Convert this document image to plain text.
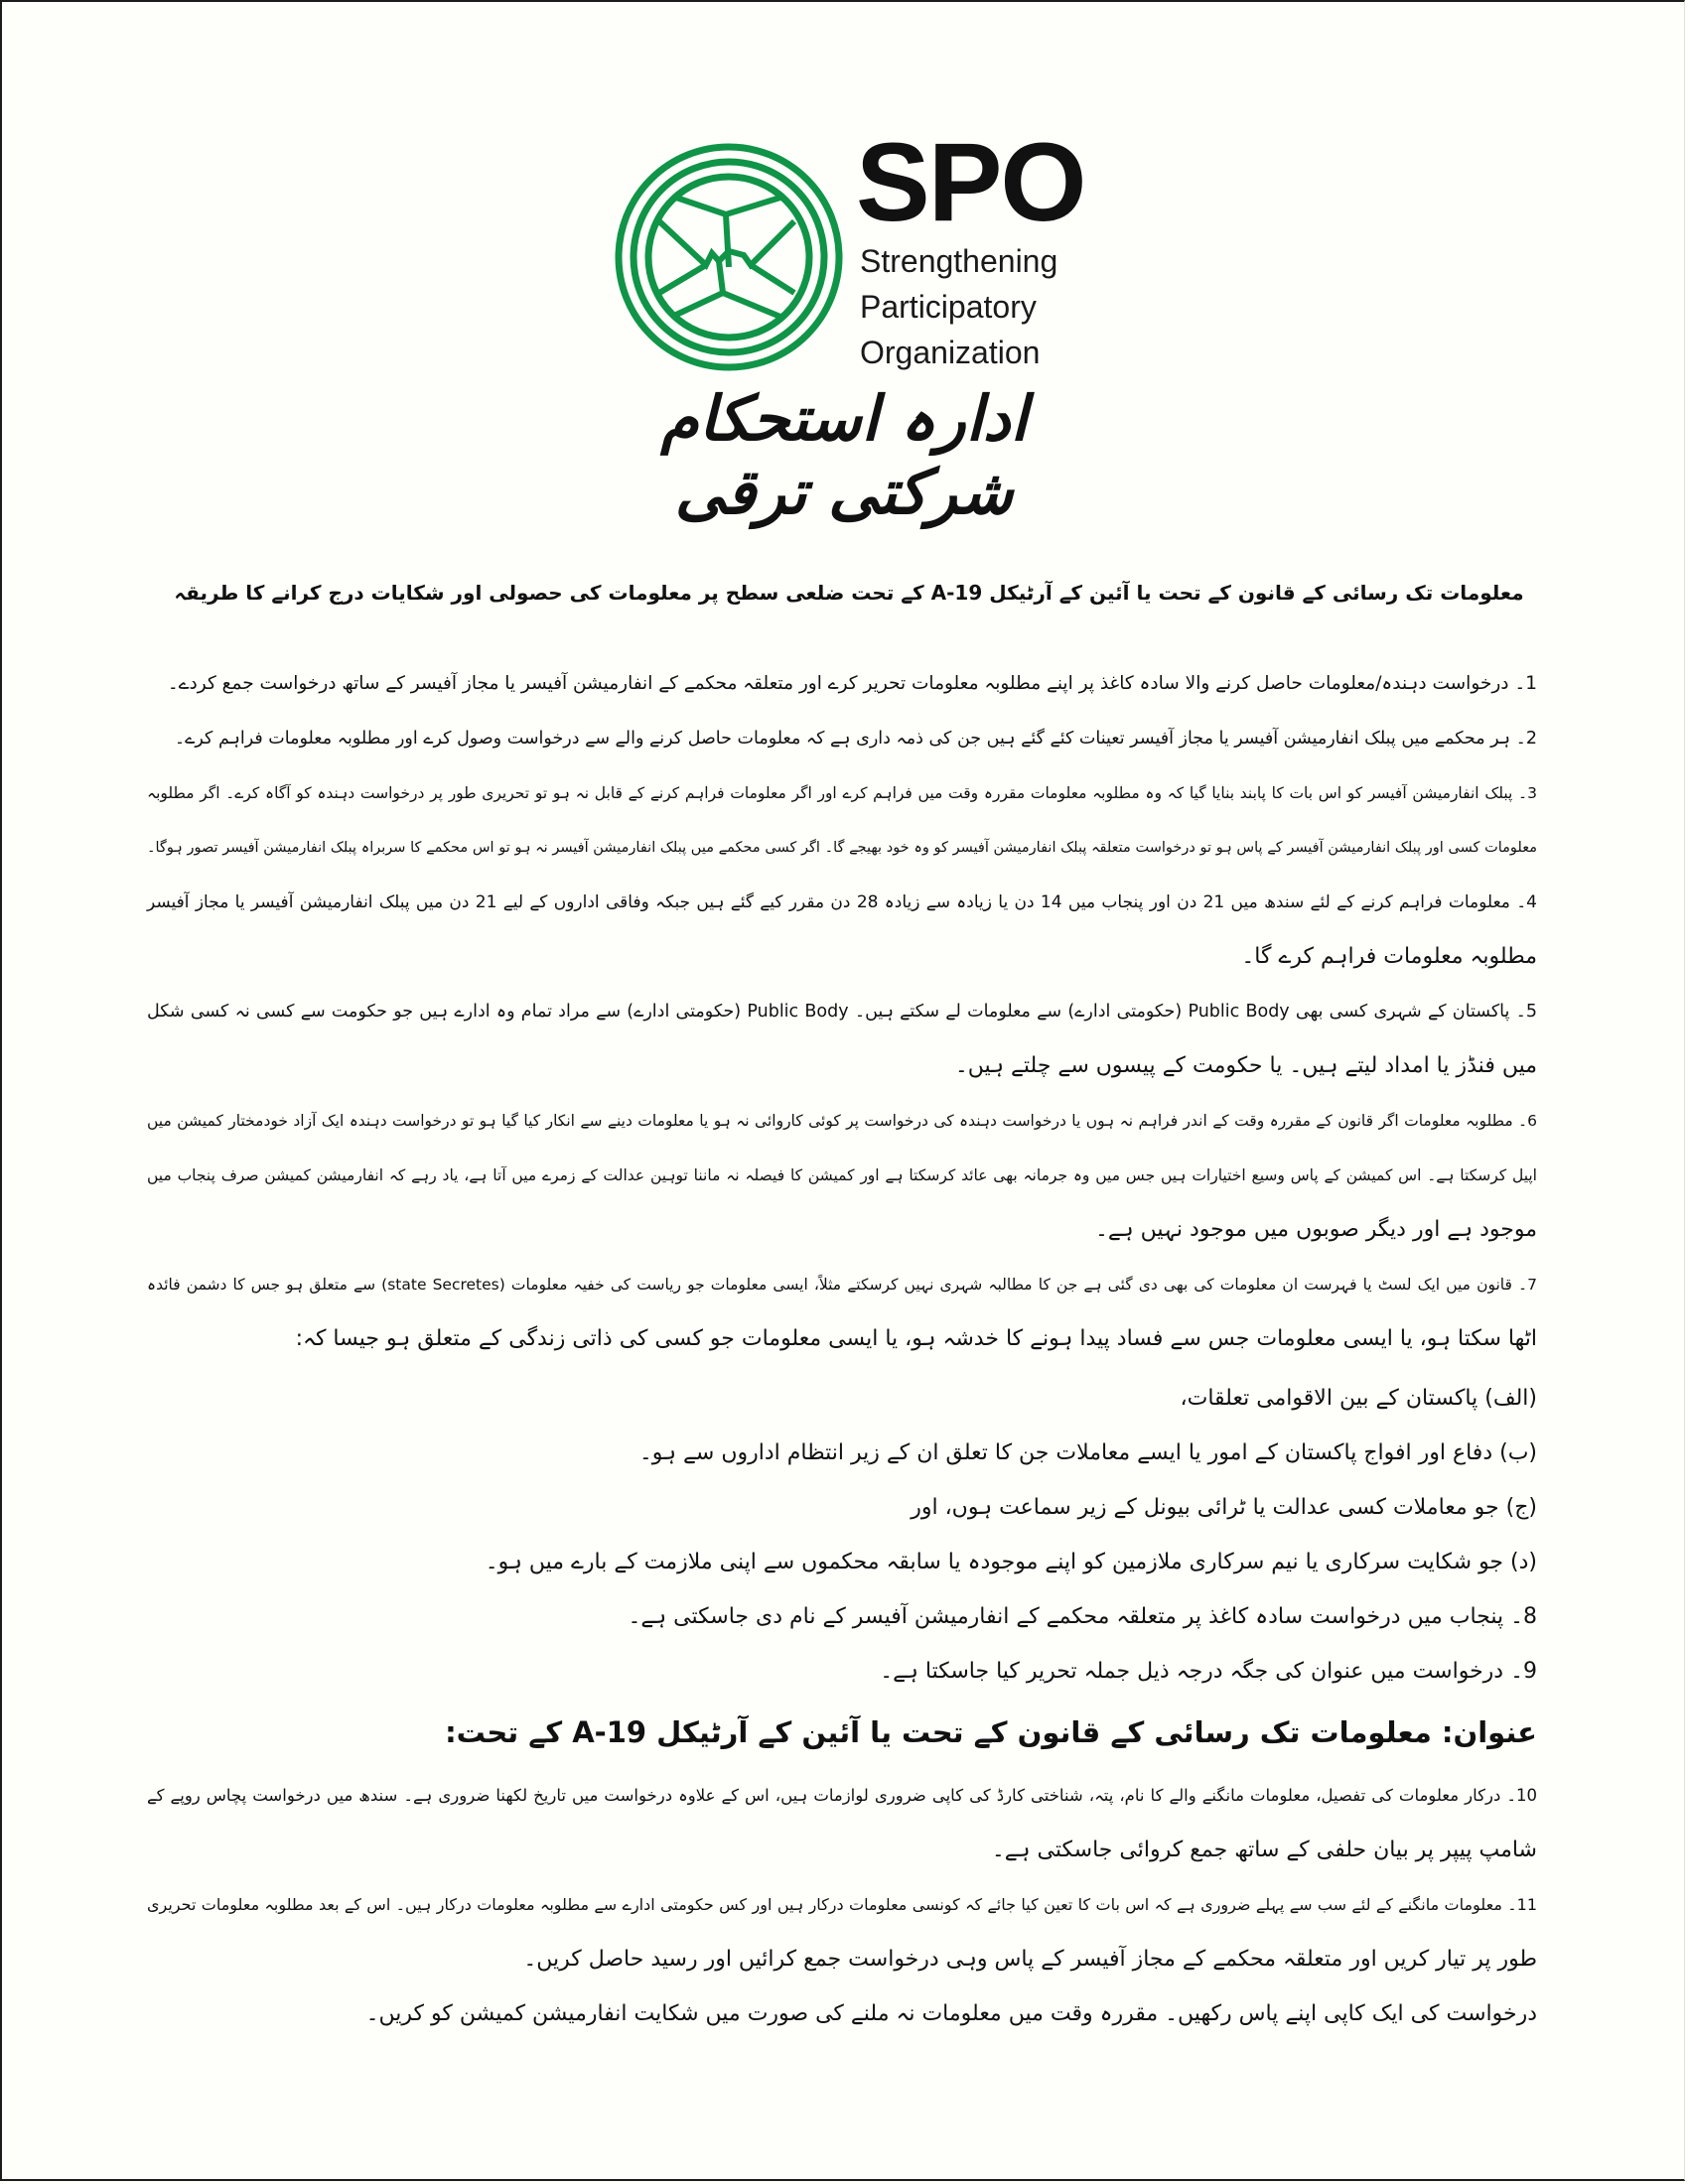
SPO
Strengthening
Participatory
Organization
ادارہ استحکام شرکتی ترقی
معلومات تک رسائی کے قانون کے تحت یا آئین کے آرٹیکل A-19 کے تحت ضلعی سطح پر معلومات کی حصولی اور شکایات درج کرانے کا طریقہ
1۔ درخواست دہندہ/معلومات حاصل کرنے والا سادہ کاغذ پر اپنے مطلوبہ معلومات تحریر کرے اور متعلقہ محکمے کے انفارمیشن آفیسر یا مجاز آفیسر کے ساتھ درخواست جمع کردے۔
2۔ ہر محکمے میں پبلک انفارمیشن آفیسر یا مجاز آفیسر تعینات کئے گئے ہیں جن کی ذمہ داری ہے کہ معلومات حاصل کرنے والے سے درخواست وصول کرے اور مطلوبہ معلومات فراہم کرے۔
3۔ پبلک انفارمیشن آفیسر کو اس بات کا پابند بنایا گیا کہ وہ مطلوبہ معلومات مقررہ وقت میں فراہم کرے اور اگر معلومات فراہم کرنے کے قابل نہ ہو تو تحریری طور پر درخواست دہندہ کو آگاہ کرے۔ اگر مطلوبہ
معلومات کسی اور پبلک انفارمیشن آفیسر کے پاس ہو تو درخواست متعلقہ پبلک انفارمیشن آفیسر کو وہ خود بھیجے گا۔ اگر کسی محکمے میں پبلک انفارمیشن آفیسر نہ ہو تو اس محکمے کا سربراہ پبلک انفارمیشن آفیسر تصور ہوگا۔
4۔ معلومات فراہم کرنے کے لئے سندھ میں 21 دن اور پنجاب میں 14 دن یا زیادہ سے زیادہ 28 دن مقرر کیے گئے ہیں جبکہ وفاقی اداروں کے لیے 21 دن میں پبلک انفارمیشن آفیسر یا مجاز آفیسر
مطلوبہ معلومات فراہم کرے گا۔
5۔ پاکستان کے شہری کسی بھی Public Body (حکومتی ادارے) سے معلومات لے سکتے ہیں۔ Public Body (حکومتی ادارے) سے مراد تمام وہ ادارے ہیں جو حکومت سے کسی نہ کسی شکل
میں فنڈز یا امداد لیتے ہیں۔ یا حکومت کے پیسوں سے چلتے ہیں۔
6۔ مطلوبہ معلومات اگر قانون کے مقررہ وقت کے اندر فراہم نہ ہوں یا درخواست دہندہ کی درخواست پر کوئی کاروائی نہ ہو یا معلومات دینے سے انکار کیا گیا ہو تو درخواست دہندہ ایک آزاد خودمختار کمیشن میں
اپیل کرسکتا ہے۔ اس کمیشن کے پاس وسیع اختیارات ہیں جس میں وہ جرمانہ بھی عائد کرسکتا ہے اور کمیشن کا فیصلہ نہ ماننا توہین عدالت کے زمرے میں آتا ہے، یاد رہے کہ انفارمیشن کمیشن صرف پنجاب میں
موجود ہے اور دیگر صوبوں میں موجود نہیں ہے۔
7۔ قانون میں ایک لسٹ یا فہرست ان معلومات کی بھی دی گئی ہے جن کا مطالبہ شہری نہیں کرسکتے مثلاً، ایسی معلومات جو ریاست کی خفیہ معلومات (state Secretes) سے متعلق ہو جس کا دشمن فائدہ
اٹھا سکتا ہو، یا ایسی معلومات جس سے فساد پیدا ہونے کا خدشہ ہو، یا ایسی معلومات جو کسی کی ذاتی زندگی کے متعلق ہو جیسا کہ:
(الف) پاکستان کے بین الاقوامی تعلقات،
(ب) دفاع اور افواج پاکستان کے امور یا ایسے معاملات جن کا تعلق ان کے زیر انتظام اداروں سے ہو۔
(ج) جو معاملات کسی عدالت یا ٹرائی بیونل کے زیر سماعت ہوں، اور
(د) جو شکایت سرکاری یا نیم سرکاری ملازمین کو اپنے موجودہ یا سابقہ محکموں سے اپنی ملازمت کے بارے میں ہو۔
8۔ پنجاب میں درخواست سادہ کاغذ پر متعلقہ محکمے کے انفارمیشن آفیسر کے نام دی جاسکتی ہے۔
9۔ درخواست میں عنوان کی جگہ درجہ ذیل جملہ تحریر کیا جاسکتا ہے۔
عنوان: معلومات تک رسائی کے قانون کے تحت یا آئین کے آرٹیکل A-19 کے تحت:
10۔ درکار معلومات کی تفصیل، معلومات مانگنے والے کا نام، پتہ، شناختی کارڈ کی کاپی ضروری لوازمات ہیں، اس کے علاوہ درخواست میں تاریخ لکھنا ضروری ہے۔ سندھ میں درخواست پچاس روپے کے
شامپ پیپر پر بیان حلفی کے ساتھ جمع کروائی جاسکتی ہے۔
11۔ معلومات مانگنے کے لئے سب سے پہلے ضروری ہے کہ اس بات کا تعین کیا جائے کہ کونسی معلومات درکار ہیں اور کس حکومتی ادارے سے مطلوبہ معلومات درکار ہیں۔ اس کے بعد مطلوبہ معلومات تحریری
طور پر تیار کریں اور متعلقہ محکمے کے مجاز آفیسر کے پاس وہی درخواست جمع کرائیں اور رسید حاصل کریں۔
درخواست کی ایک کاپی اپنے پاس رکھیں۔ مقررہ وقت میں معلومات نہ ملنے کی صورت میں شکایت انفارمیشن کمیشن کو کریں۔
